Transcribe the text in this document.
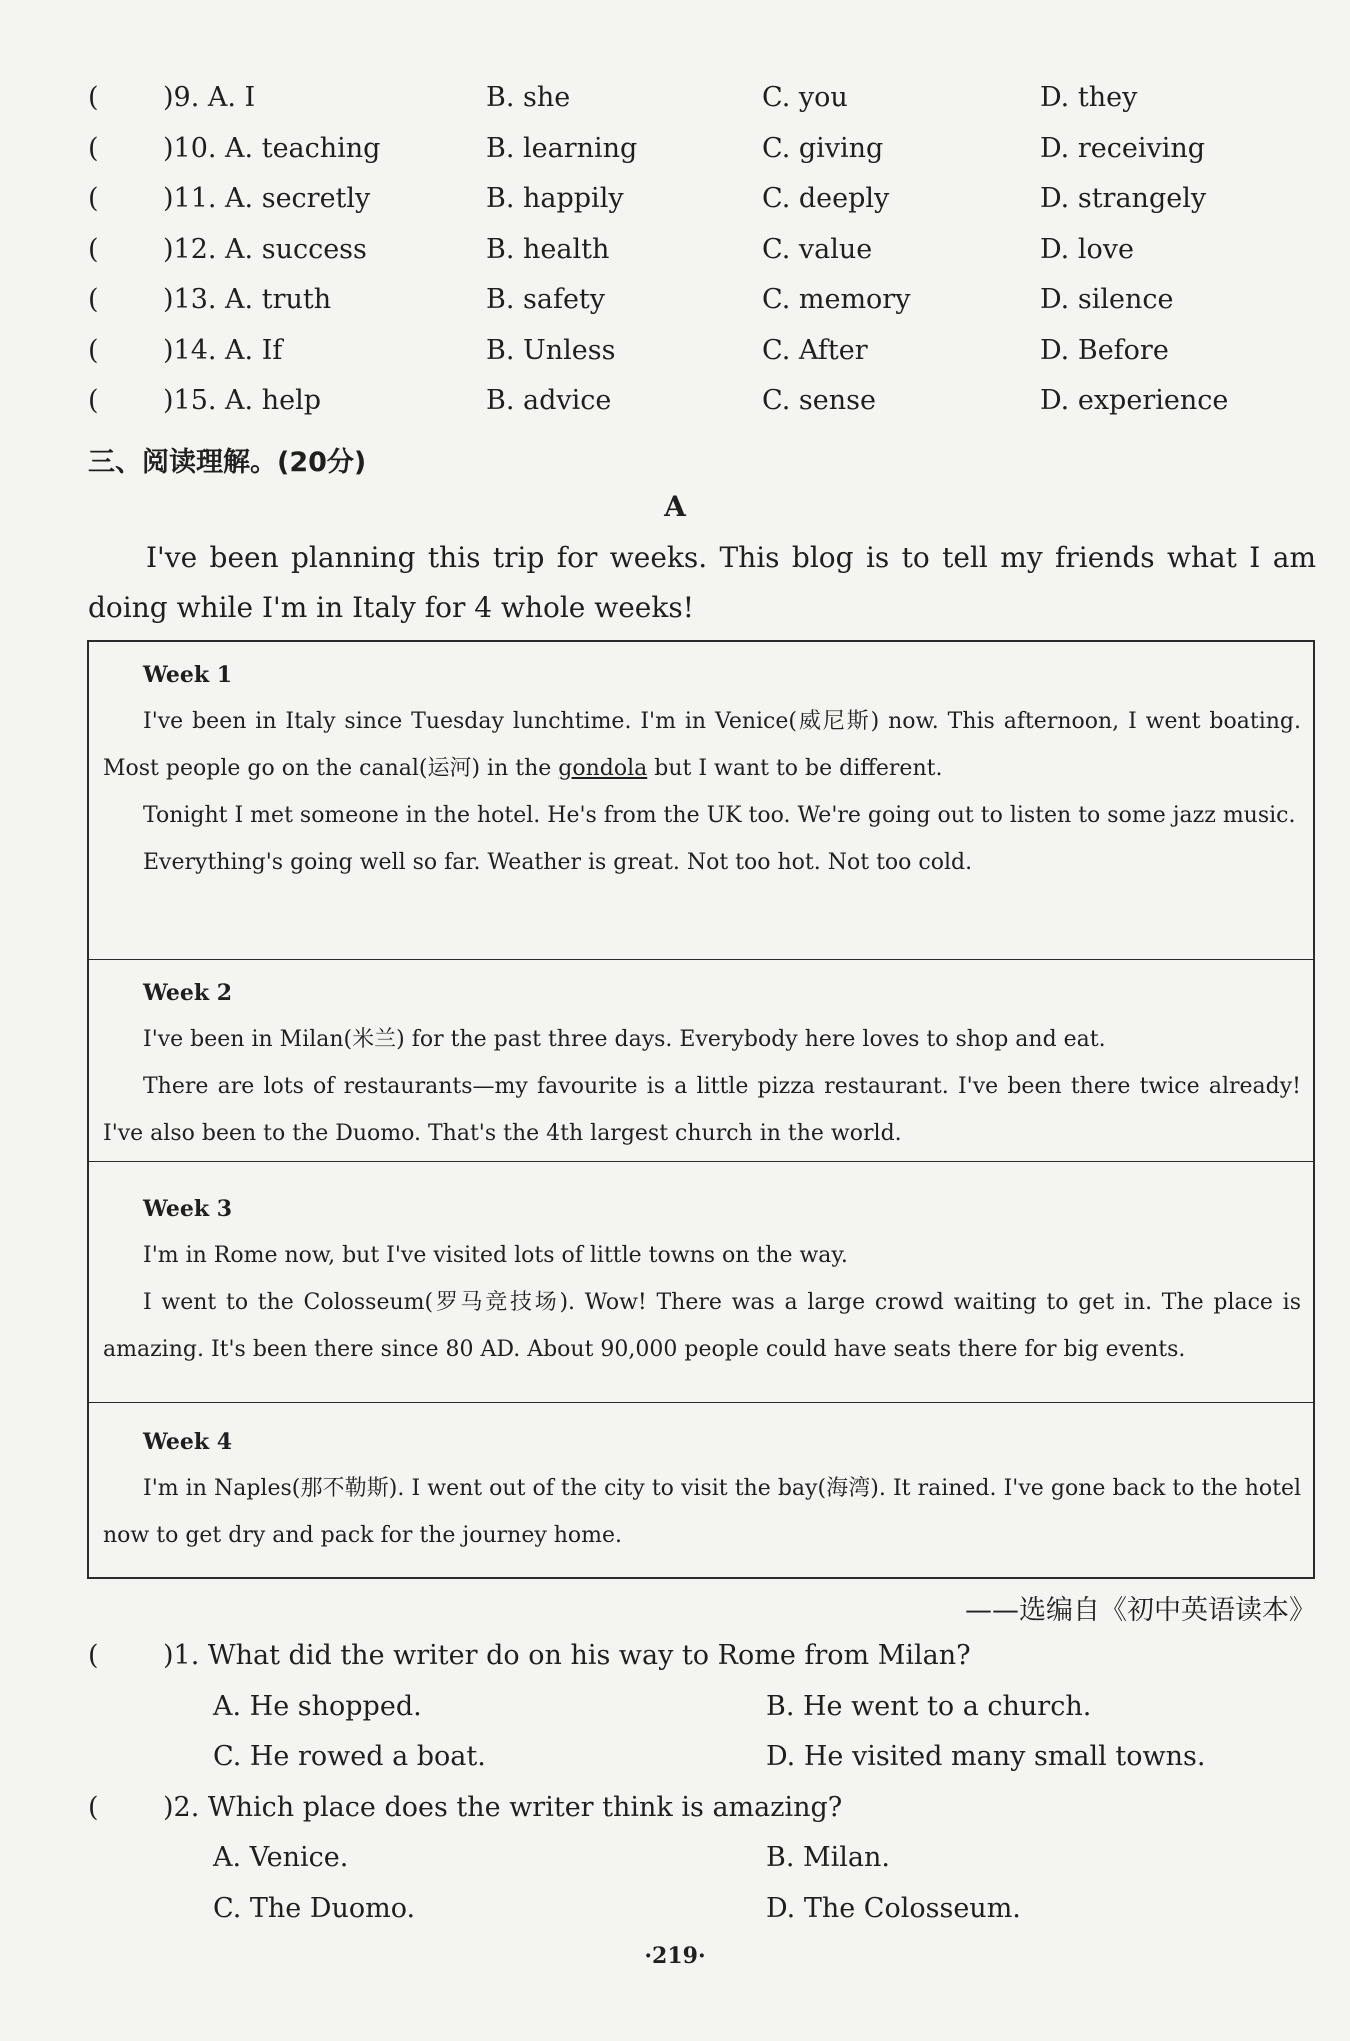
( )9. A. I	B. she	C. you	D. they
( )10. A. teaching	B. learning	C. giving	D. receiving
( )11. A. secretly	B. happily	C. deeply	D. strangely
( )12. A. success	B. health	C. value	D. love
( )13. A. truth	B. safety	C. memory	D. silence
( )14. A. If	B. Unless	C. After	D. Before
( )15. A. help	B. advice	C. sense	D. experience
三、阅读理解。(20分)
A
I've been planning this trip for weeks. This blog is to tell my friends what I am doing while I'm in Italy for 4 whole weeks!
Week 1

I've been in Italy since Tuesday lunchtime. I'm in Venice(威尼斯) now. This afternoon, I went boating. Most people go on the canal(运河) in the gondola but I want to be different.

Tonight I met someone in the hotel. He's from the UK too. We're going out to listen to some jazz music.

Everything's going well so far. Weather is great. Not too hot. Not too cold.

Week 2

I've been in Milan(米兰) for the past three days. Everybody here loves to shop and eat.

There are lots of restaurants—my favourite is a little pizza restaurant. I've been there twice already! I've also been to the Duomo. That's the 4th largest church in the world.

Week 3

I'm in Rome now, but I've visited lots of little towns on the way.

I went to the Colosseum(罗马竞技场). Wow! There was a large crowd waiting to get in. The place is amazing. It's been there since 80 AD. About 90,000 people could have seats there for big events.

Week 4

I'm in Naples(那不勒斯). I went out of the city to visit the bay(海湾). It rained. I've gone back to the hotel now to get dry and pack for the journey home.

——选编自《初中英语读本》
( )1. What did the writer do on his way to Rome from Milan?
A. He shopped.	B. He went to a church.
C. He rowed a boat.	D. He visited many small towns.
( )2. Which place does the writer think is amazing?
A. Venice.	B. Milan.
C. The Duomo.	D. The Colosseum.
·219·
